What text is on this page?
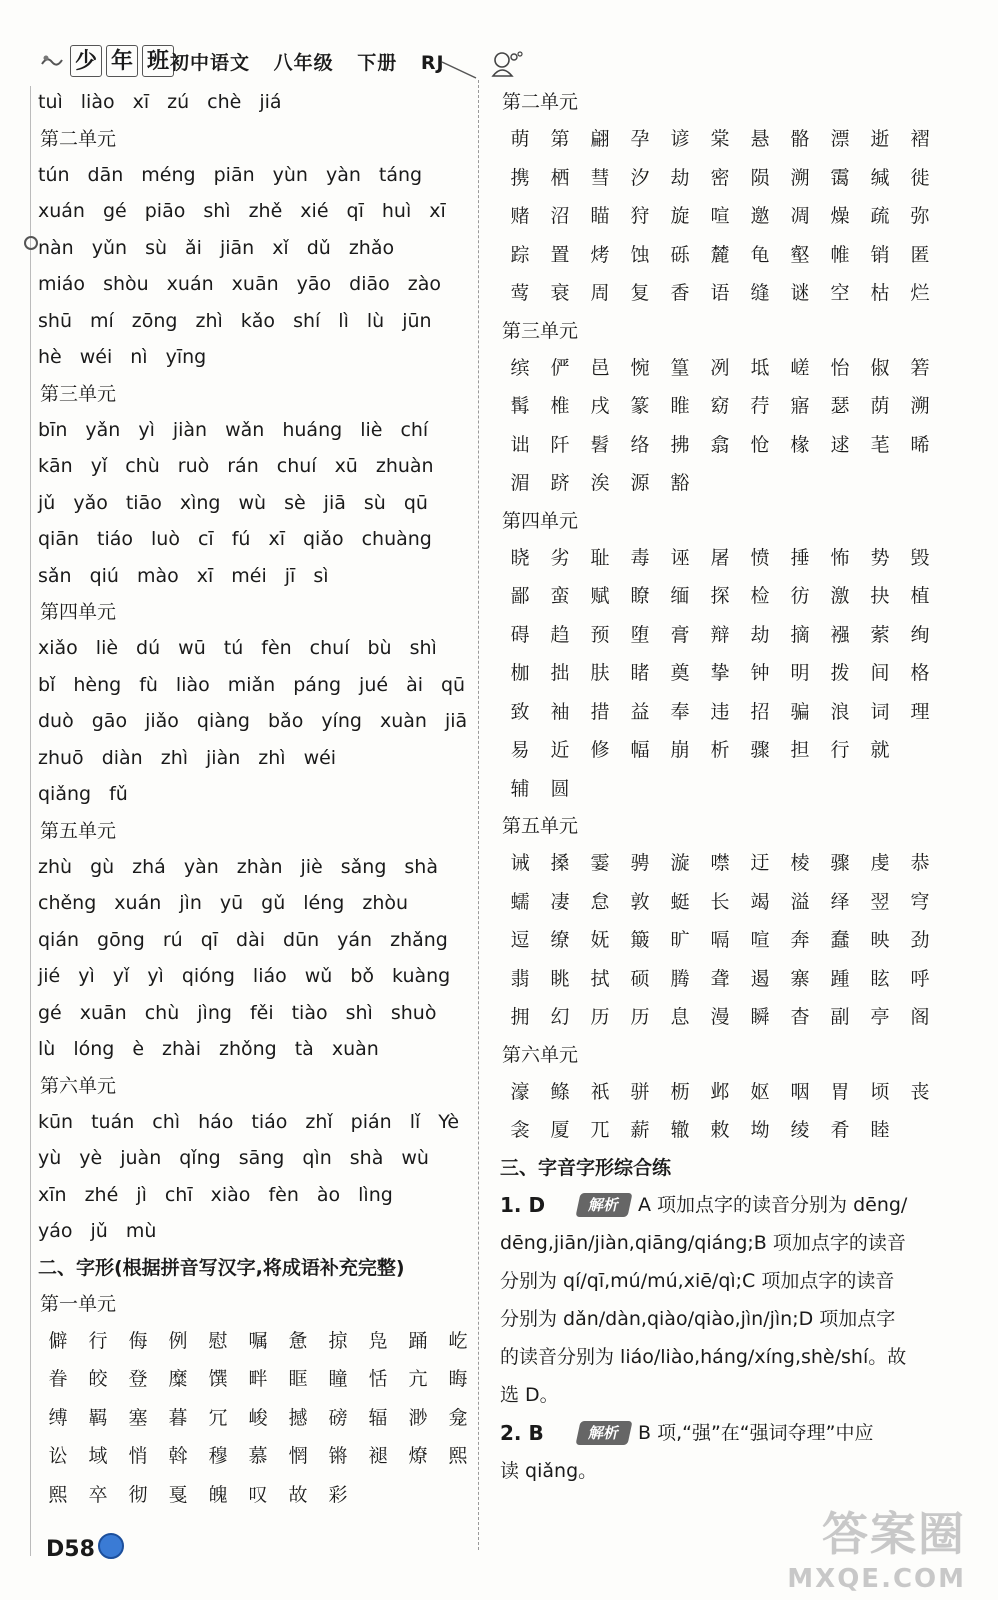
少 年 班 初中语文 八年级 下册 RJ
tuì liào xī zú chè jiá
第二单元
tún dān méng piān yùn yàn táng
xuán gé piāo shì zhě xié qī huì xī
nàn yǔn sù ǎi jiān xǐ dǔ zhǎo
miáo shòu xuán xuān yāo diāo zào
shū mí zōng zhì kǎo shí lì lù jūn
hè wéi nì yīng
第三单元
bīn yǎn yì jiàn wǎn huáng liè chí
kān yǐ chù ruò rán chuí xū zhuàn
jǔ yǎo tiāo xìng wù sè jiā sù qū
qiān tiáo luò cī fú xī qiǎo chuàng
sǎn qiú mào xī méi jī sì
第四单元
xiǎo liè dú wū tú fèn chuí bù shì
bǐ hèng fù liào miǎn páng jué ài qū
duò gāo jiǎo qiàng bǎo yíng xuàn jiā
zhuō diàn zhì jiàn zhì wéi
qiǎng fǔ
第五单元
zhù gù zhá yàn zhàn jiè sǎng shà
chěng xuán jìn yū gǔ léng zhòu
qián gōng rú qī dài dūn yán zhǎng
jié yì yǐ yì qióng liáo wǔ bǒ kuàng
gé xuān chù jìng fěi tiào shì shuò
lù lóng è zhài zhǒng tà xuàn
第六单元
kūn tuán chì háo tiáo zhǐ pián lǐ Yè
yù yè juàn qǐng sāng qìn shà wù
xīn zhé jì chī xiào fèn ào lìng
yáo jǔ mù
二、字形(根据拼音写汉字,将成语补充完整)
第一单元
僻	行	侮	例	慰	嘱	惫	掠	凫	踊	屹
眷	皎	登	糜	馔	畔	眶	瞳	恬	亢	晦
缚	羁	塞	暮	冗	峻	撼	磅	辐	渺	龛
讼	域	悄	斡	穆	慕	惘	锵	褪	燎	熙
熙	卒	彻	戛	魄	叹	故	彩
第二单元
萌	第	翩	孕	谚	棠	悬	骼	漂	逝	褶
携	栖	彗	汐	劫	密	陨	溯	霭	缄	徙
赌	沼	瞄	狩	旋	喧	邀	凋	燥	疏	弥
踪	置	烤	蚀	砾	麓	龟	壑	帷	销	匿
莺	衰	周	复	香	语	缝	谜	空	枯	烂
第三单元
缤	俨	邑	惋	篁	冽	坻	嵯	怡	俶	箬
髯	椎	戌	篆	睢	窈	荇	寤	瑟	荫	溯
诎	阡	髫	络	拂	翕	怆	椽	逑	芼	晞
湄	跻	涘	源	豁
第四单元
晓	劣	耻	毒	诬	屠	愤	捶	怖	势	毁
鄙	蛮	赋	瞭	缅	探	检	彷	激	抉	植
碍	趋	预	堕	膏	辩	劫	摘	襁	萦	绚
枷	拙	肤	睹	奠	挚	钟	明	拨	间	格
致	袖	措	益	奉	违	招	骗	浪	词	理
易	近	修	幅	崩	析	骤	担	行	就
辅	圆
第五单元
诫	搡	霎	骋	漩	噤	迂	棱	骤	虔	恭
蠕	凄	怠	敦	蜓	长	竭	溢	绎	翌	穹
逗	缭	妩	簸	旷	嗝	喧	奔	蠢	映	劲
翡	眺	拭	硕	腾	聋	遏	寨	踵	眩	呼
拥	幻	历	历	息	漫	瞬	杳	副	亭	阁
第六单元
濠	鲦	祇	骈	枥	邺	妪	咽	胃	顷	丧
衾	厦	兀	薪	辙	敕	坳	绫	肴	睦
三、字音字形综合练
1. D	解析 A 项加点字的读音分别为 dēng/
dēng,jiān/jiàn,qiāng/qiáng;B 项加点字的读音
分别为 qí/qī,mú/mú,xiē/qì;C 项加点字的读音
分别为 dǎn/dàn,qiào/qiào,jìn/jìn;D 项加点字
的读音分别为 liáo/liào,háng/xíng,shè/shí。故
选 D。
2. B	解析 B 项,“强”在“强词夺理”中应
读 qiǎng。
D58	答案圈
MXQE.COM
